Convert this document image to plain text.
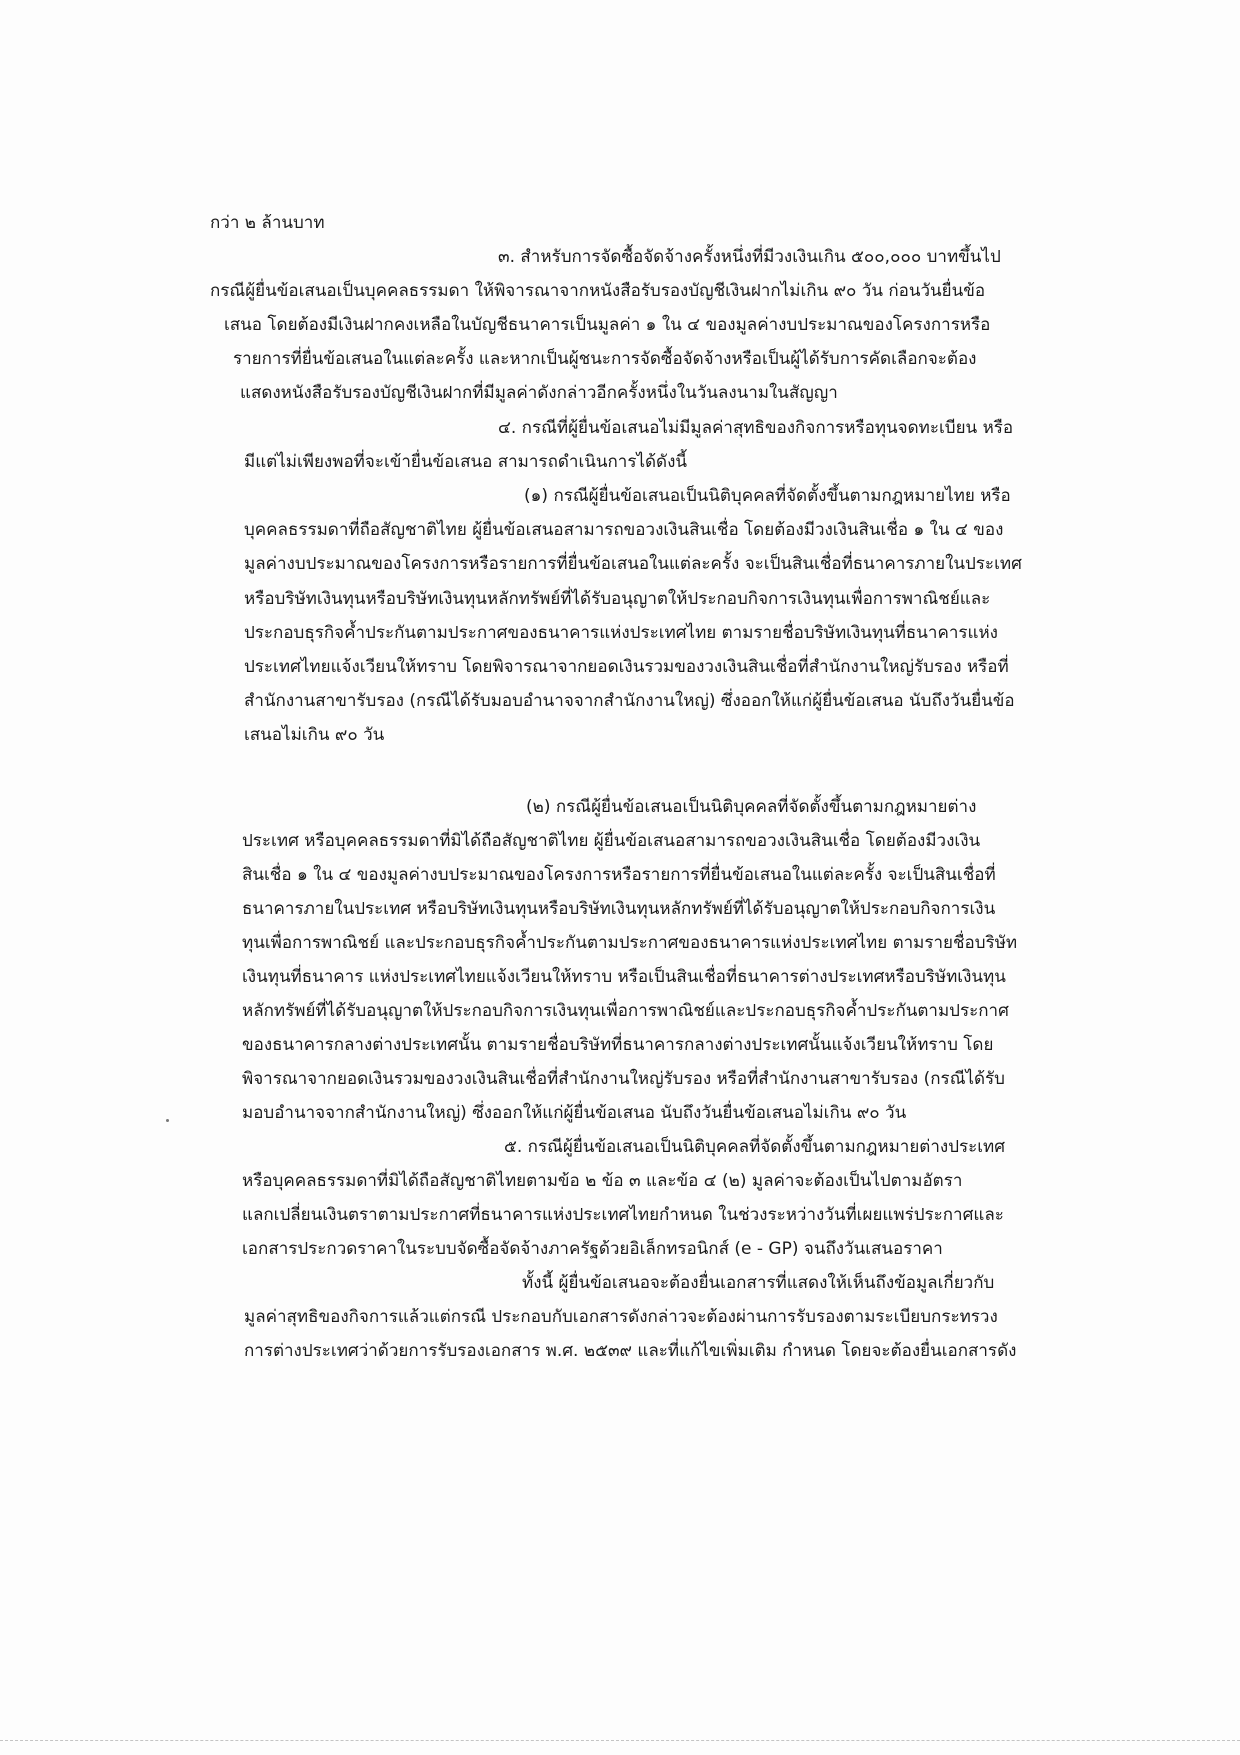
กว่า ๒ ล้านบาท
๓. สำหรับการจัดซื้อจัดจ้างครั้งหนึ่งที่มีวงเงินเกิน ๕๐๐,๐๐๐ บาทขึ้นไป
กรณีผู้ยื่นข้อเสนอเป็นบุคคลธรรมดา ให้พิจารณาจากหนังสือรับรองบัญชีเงินฝากไม่เกิน ๙๐ วัน ก่อนวันยื่นข้อ
เสนอ โดยต้องมีเงินฝากคงเหลือในบัญชีธนาคารเป็นมูลค่า ๑ ใน ๔ ของมูลค่างบประมาณของโครงการหรือ
รายการที่ยื่นข้อเสนอในแต่ละครั้ง และหากเป็นผู้ชนะการจัดซื้อจัดจ้างหรือเป็นผู้ได้รับการคัดเลือกจะต้อง
แสดงหนังสือรับรองบัญชีเงินฝากที่มีมูลค่าดังกล่าวอีกครั้งหนึ่งในวันลงนามในสัญญา
๔. กรณีที่ผู้ยื่นข้อเสนอไม่มีมูลค่าสุทธิของกิจการหรือทุนจดทะเบียน หรือ
มีแต่ไม่เพียงพอที่จะเข้ายื่นข้อเสนอ สามารถดำเนินการได้ดังนี้
(๑) กรณีผู้ยื่นข้อเสนอเป็นนิติบุคคลที่จัดตั้งขึ้นตามกฎหมายไทย หรือ
บุคคลธรรมดาที่ถือสัญชาติไทย ผู้ยื่นข้อเสนอสามารถขอวงเงินสินเชื่อ โดยต้องมีวงเงินสินเชื่อ ๑ ใน ๔ ของ
มูลค่างบประมาณของโครงการหรือรายการที่ยื่นข้อเสนอในแต่ละครั้ง จะเป็นสินเชื่อที่ธนาคารภายในประเทศ
หรือบริษัทเงินทุนหรือบริษัทเงินทุนหลักทรัพย์ที่ได้รับอนุญาตให้ประกอบกิจการเงินทุนเพื่อการพาณิชย์และ
ประกอบธุรกิจค้ำประกันตามประกาศของธนาคารแห่งประเทศไทย ตามรายชื่อบริษัทเงินทุนที่ธนาคารแห่ง
ประเทศไทยแจ้งเวียนให้ทราบ โดยพิจารณาจากยอดเงินรวมของวงเงินสินเชื่อที่สำนักงานใหญ่รับรอง หรือที่
สำนักงานสาขารับรอง (กรณีได้รับมอบอำนาจจากสำนักงานใหญ่) ซึ่งออกให้แก่ผู้ยื่นข้อเสนอ นับถึงวันยื่นข้อ
เสนอไม่เกิน ๙๐ วัน
(๒) กรณีผู้ยื่นข้อเสนอเป็นนิติบุคคลที่จัดตั้งขึ้นตามกฎหมายต่าง
ประเทศ หรือบุคคลธรรมดาที่มิได้ถือสัญชาติไทย ผู้ยื่นข้อเสนอสามารถขอวงเงินสินเชื่อ โดยต้องมีวงเงิน
สินเชื่อ ๑ ใน ๔ ของมูลค่างบประมาณของโครงการหรือรายการที่ยื่นข้อเสนอในแต่ละครั้ง จะเป็นสินเชื่อที่
ธนาคารภายในประเทศ หรือบริษัทเงินทุนหรือบริษัทเงินทุนหลักทรัพย์ที่ได้รับอนุญาตให้ประกอบกิจการเงิน
ทุนเพื่อการพาณิชย์ และประกอบธุรกิจค้ำประกันตามประกาศของธนาคารแห่งประเทศไทย ตามรายชื่อบริษัท
เงินทุนที่ธนาคาร แห่งประเทศไทยแจ้งเวียนให้ทราบ หรือเป็นสินเชื่อที่ธนาคารต่างประเทศหรือบริษัทเงินทุน
หลักทรัพย์ที่ได้รับอนุญาตให้ประกอบกิจการเงินทุนเพื่อการพาณิชย์และประกอบธุรกิจค้ำประกันตามประกาศ
ของธนาคารกลางต่างประเทศนั้น ตามรายชื่อบริษัทที่ธนาคารกลางต่างประเทศนั้นแจ้งเวียนให้ทราบ โดย
พิจารณาจากยอดเงินรวมของวงเงินสินเชื่อที่สำนักงานใหญ่รับรอง หรือที่สำนักงานสาขารับรอง (กรณีได้รับ
มอบอำนาจจากสำนักงานใหญ่) ซึ่งออกให้แก่ผู้ยื่นข้อเสนอ นับถึงวันยื่นข้อเสนอไม่เกิน ๙๐ วัน
๕. กรณีผู้ยื่นข้อเสนอเป็นนิติบุคคลที่จัดตั้งขึ้นตามกฎหมายต่างประเทศ
หรือบุคคลธรรมดาที่มิได้ถือสัญชาติไทยตามข้อ ๒ ข้อ ๓ และข้อ ๔ (๒) มูลค่าจะต้องเป็นไปตามอัตรา
แลกเปลี่ยนเงินตราตามประกาศที่ธนาคารแห่งประเทศไทยกำหนด ในช่วงระหว่างวันที่เผยแพร่ประกาศและ
เอกสารประกวดราคาในระบบจัดซื้อจัดจ้างภาครัฐด้วยอิเล็กทรอนิกส์ (e - GP) จนถึงวันเสนอราคา
ทั้งนี้ ผู้ยื่นข้อเสนอจะต้องยื่นเอกสารที่แสดงให้เห็นถึงข้อมูลเกี่ยวกับ
มูลค่าสุทธิของกิจการแล้วแต่กรณี ประกอบกับเอกสารดังกล่าวจะต้องผ่านการรับรองตามระเบียบกระทรวง
การต่างประเทศว่าด้วยการรับรองเอกสาร พ.ศ. ๒๕๓๙ และที่แก้ไขเพิ่มเติม กำหนด โดยจะต้องยื่นเอกสารดัง
